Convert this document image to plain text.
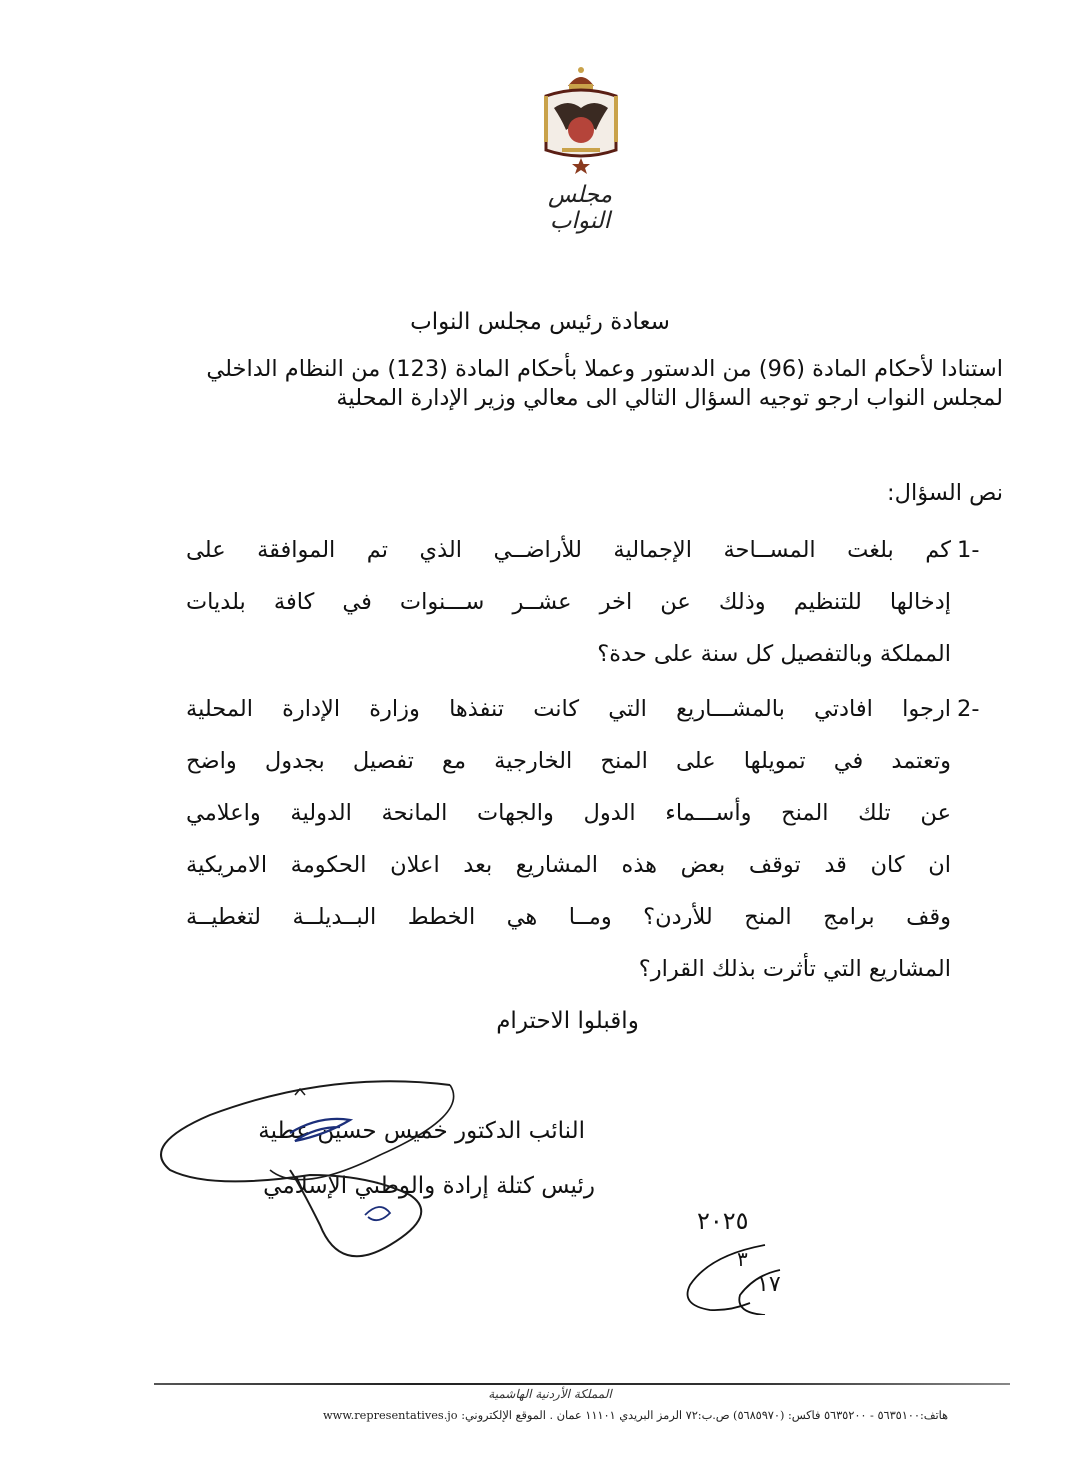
مجلس النواب
سعادة رئيس مجلس النواب
استنادا لأحكام المادة (96) من الدستور وعملا بأحكام المادة (123) من النظام الداخلي لمجلس النواب ارجو توجيه السؤال التالي الى معالي وزير الإدارة المحلية
نص السؤال:
1-
كم بلغت المســاحة الإجمالية للأراضــي الذي تم الموافقة على
إدخالها للتنظيم وذلك عن اخر عشــر ســـنوات في كافة بلديات
المملكة وبالتفصيل كل سنة على حدة؟
2-
ارجوا افادتي بالمشـــاريع التي كانت تنفذها وزارة الإدارة المحلية
وتعتمد في تمويلها على المنح الخارجية مع تفصيل بجدول واضح
عن تلك المنح وأســـماء الدول والجهات المانحة الدولية واعلامي
ان كان قد توقف بعض هذه المشاريع بعد اعلان الحكومة الامريكية
وقف برامج المنح للأردن؟ ومــا هي الخطط البــديلــة لتغطيــة
المشاريع التي تأثرت بذلك القرار؟
واقبلوا الاحترام
النائب الدكتور خميس حسين عطية
رئيس كتلة إرادة والوطني الإسلامي
٢٠٢٥
٣
١٧
المملكة الأردنية الهاشمية
هاتف:٥٦٣٥١٠٠ - ٥٦٣٥٢٠٠ فاكس: (٥٦٨٥٩٧٠) ص.ب:٧٢ الرمز البريدي ١١١٠١ عمان . الموقع الإلكتروني: www.representatives.jo
